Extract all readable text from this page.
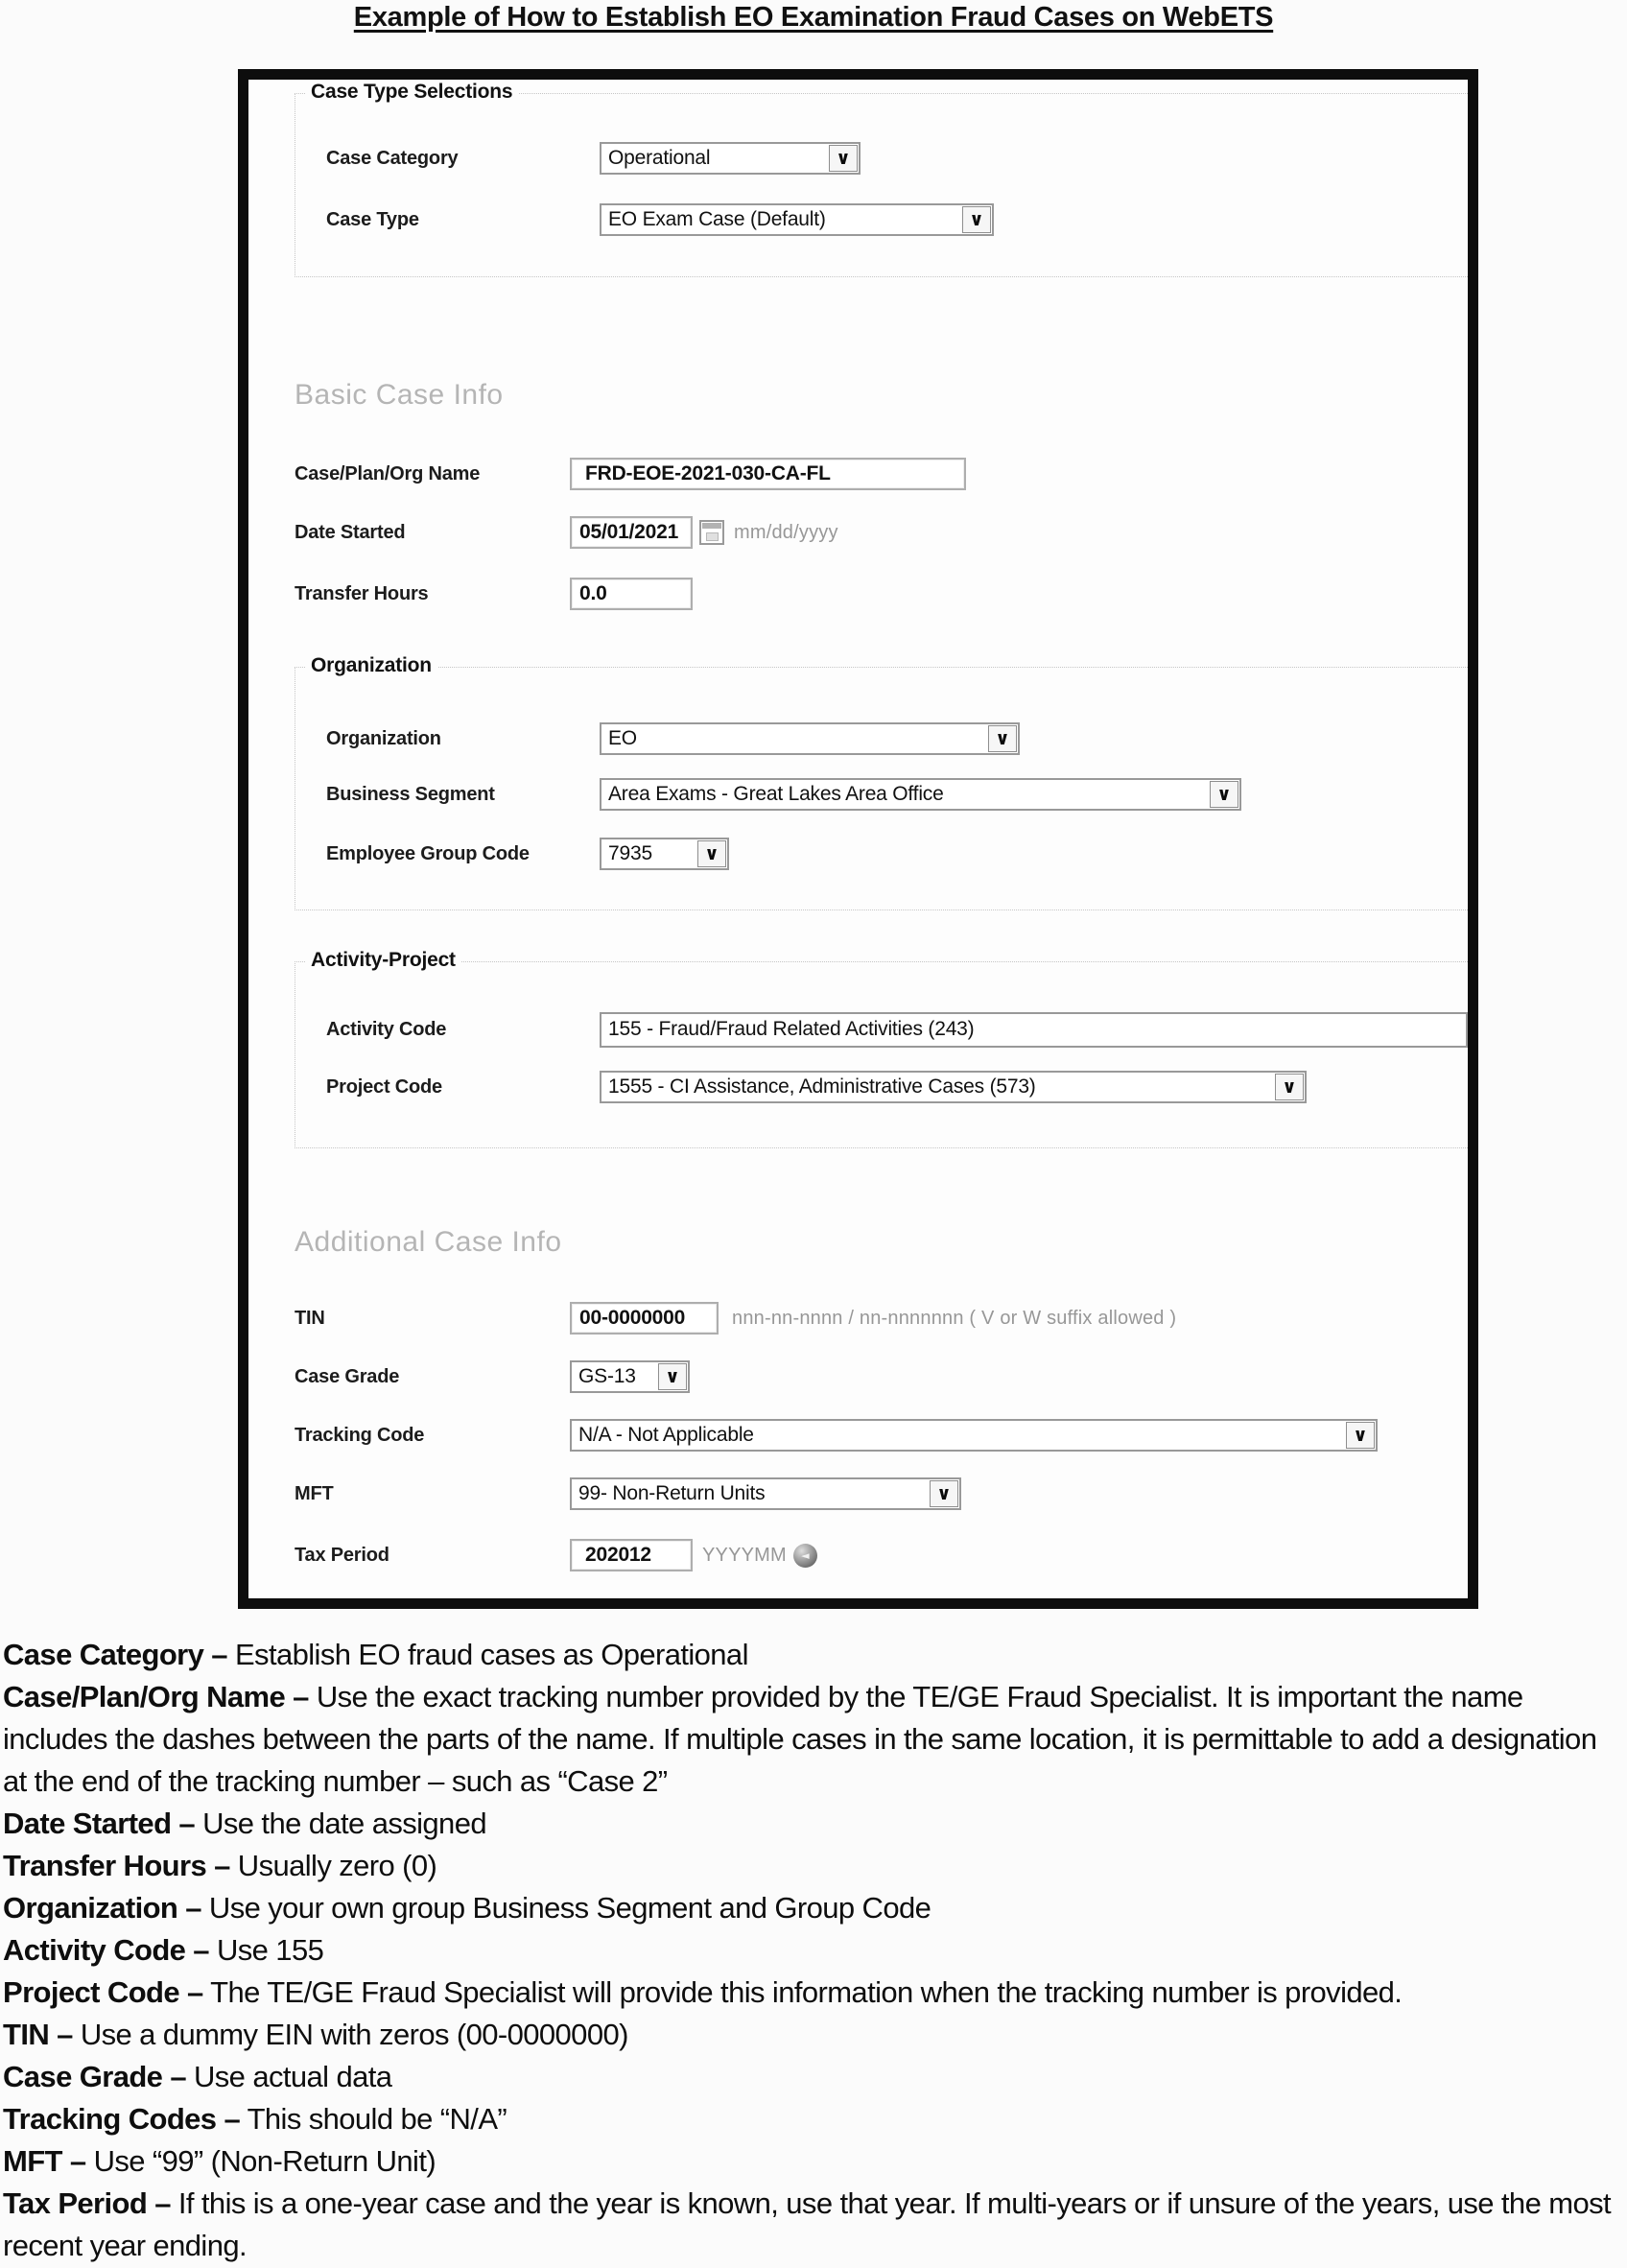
Example of How to Establish EO Examination Fraud Cases on WebETS
Case Type Selections
Case Category	Operational	∨
Case Type	EO Exam Case (Default)	∨
Basic Case Info
Case/Plan/Org Name	FRD-EOE-2021-030-CA-FL
Date Started	05/01/2021	mm/dd/yyyy
Transfer Hours	0.0
Organization
Organization	EO	∨
Business Segment	Area Exams - Great Lakes Area Office	∨
Employee Group Code	7935	∨
Activity-Project
Activity Code	155 - Fraud/Fraud Related Activities (243)
Project Code	1555 - CI Assistance, Administrative Cases (573)	∨
Additional Case Info
TIN	00-0000000	nnn-nn-nnnn / nn-nnnnnnn ( V or W suffix allowed )
Case Grade	GS-13	∨
Tracking Code	N/A - Not Applicable	∨
MFT	99- Non-Return Units	∨
Tax Period	202012	YYYYMM	◄

Case Category – Establish EO fraud cases as Operational

Case/Plan/Org Name – Use the exact tracking number provided by the TE/GE Fraud Specialist. It is important the name includes the dashes between the parts of the name. If multiple cases in the same location, it is permittable to add a designation at the end of the tracking number – such as “Case 2”

Date Started – Use the date assigned

Transfer Hours – Usually zero (0)

Organization – Use your own group Business Segment and Group Code

Activity Code – Use 155

Project Code – The TE/GE Fraud Specialist will provide this information when the tracking number is provided.

TIN – Use a dummy EIN with zeros (00-0000000)

Case Grade – Use actual data

Tracking Codes – This should be “N/A”

MFT – Use “99” (Non-Return Unit)

Tax Period – If this is a one-year case and the year is known, use that year. If multi-years or if unsure of the years, use the most recent year ending.
